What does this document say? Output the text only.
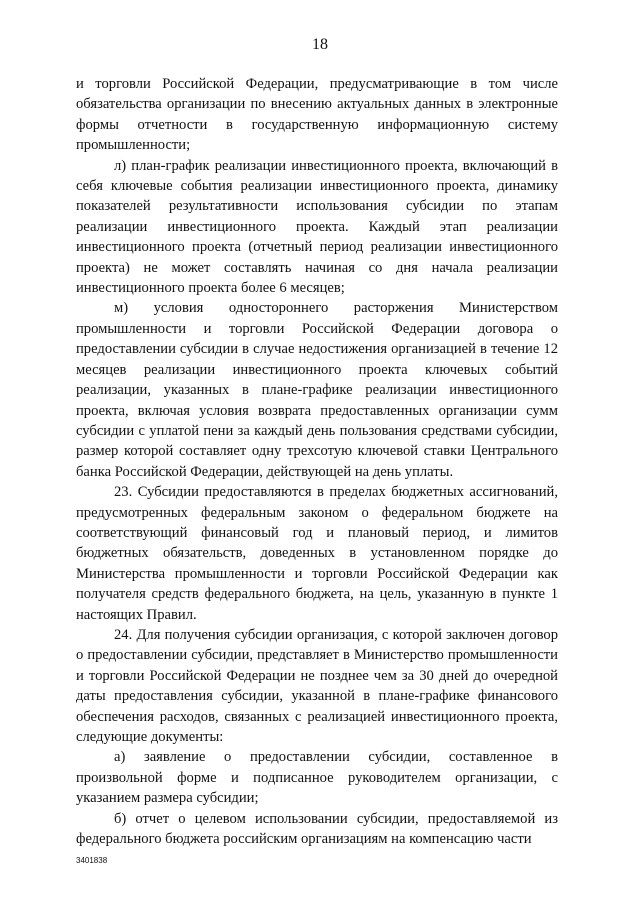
18

и торговли Российской Федерации, предусматривающие в том числе обязательства организации по внесению актуальных данных в электронные формы отчетности в государственную информационную систему промышленности;

л) план-график реализации инвестиционного проекта, включающий в себя ключевые события реализации инвестиционного проекта, динамику показателей результативности использования субсидии по этапам реализации инвестиционного проекта. Каждый этап реализации инвестиционного проекта (отчетный период реализации инвестиционного проекта) не может составлять начиная со дня начала реализации инвестиционного проекта более 6 месяцев;

м) условия одностороннего расторжения Министерством промышленности и торговли Российской Федерации договора о предоставлении субсидии в случае недостижения организацией в течение 12 месяцев реализации инвестиционного проекта ключевых событий реализации, указанных в плане-графике реализации инвестиционного проекта, включая условия возврата предоставленных организации сумм субсидии с уплатой пени за каждый день пользования средствами субсидии, размер которой составляет одну трехсотую ключевой ставки Центрального банка Российской Федерации, действующей на день уплаты.

23. Субсидии предоставляются в пределах бюджетных ассигнований, предусмотренных федеральным законом о федеральном бюджете на соответствующий финансовый год и плановый период, и лимитов бюджетных обязательств, доведенных в установленном порядке до Министерства промышленности и торговли Российской Федерации как получателя средств федерального бюджета, на цель, указанную в пункте 1 настоящих Правил.

24. Для получения субсидии организация, с которой заключен договор о предоставлении субсидии, представляет в Министерство промышленности и торговли Российской Федерации не позднее чем за 30 дней до очередной даты предоставления субсидии, указанной в плане-графике финансового обеспечения расходов, связанных с реализацией инвестиционного проекта, следующие документы:

а) заявление о предоставлении субсидии, составленное в произвольной форме и подписанное руководителем организации, с указанием размера субсидии;

б) отчет о целевом использовании субсидии, предоставляемой из федерального бюджета российским организациям на компенсацию части

3401838
